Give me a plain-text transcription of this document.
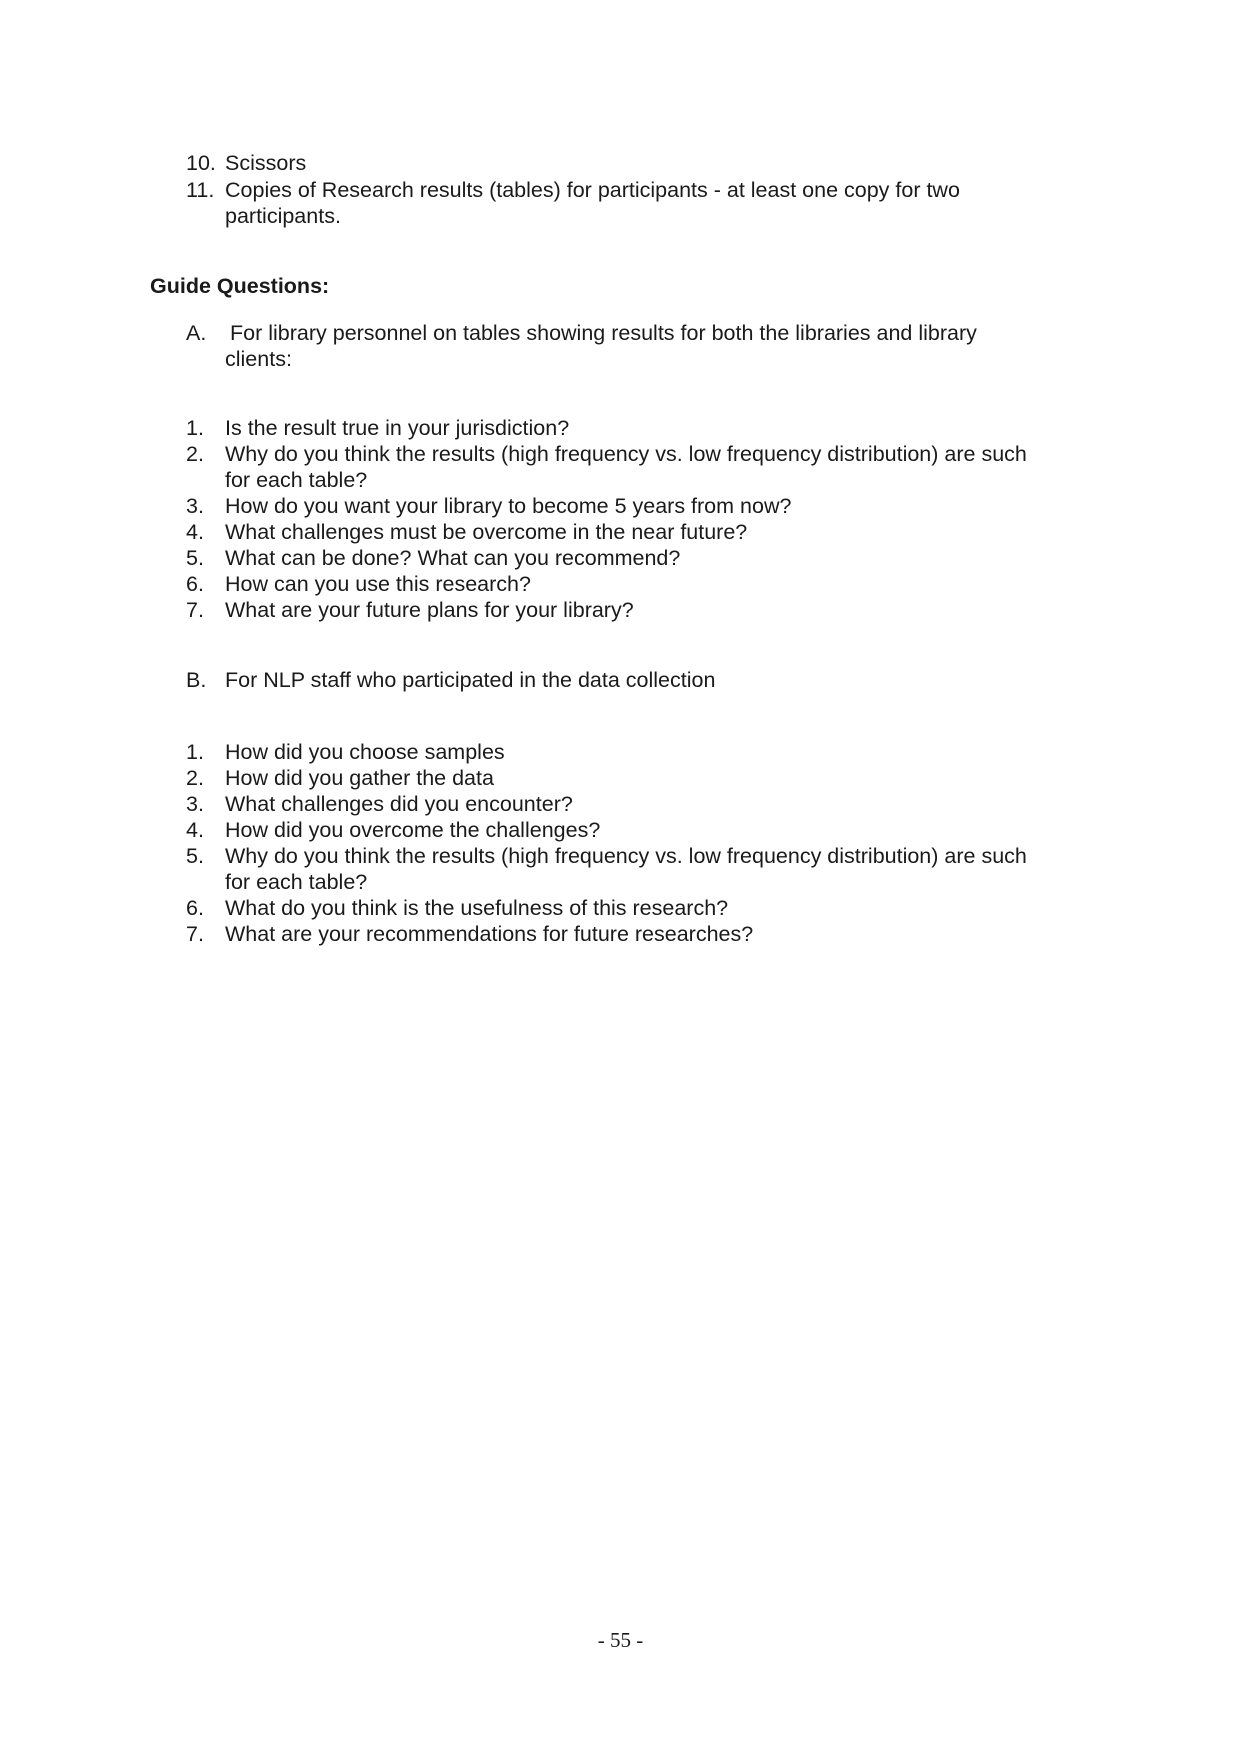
10. Scissors
11. Copies of Research results (tables) for participants - at least one copy for two
participants.
Guide Questions:
A. For library personnel on tables showing results for both the libraries and library
clients:
1. Is the result true in your jurisdiction?
2. Why do you think the results (high frequency vs. low frequency distribution) are such
for each table?
3. How do you want your library to become 5 years from now?
4. What challenges must be overcome in the near future?
5. What can be done? What can you recommend?
6. How can you use this research?
7. What are your future plans for your library?
B. For NLP staff who participated in the data collection
1. How did you choose samples
2. How did you gather the data
3. What challenges did you encounter?
4. How did you overcome the challenges?
5. Why do you think the results (high frequency vs. low frequency distribution) are such
for each table?
6. What do you think is the usefulness of this research?
7. What are your recommendations for future researches?
- 55 -
